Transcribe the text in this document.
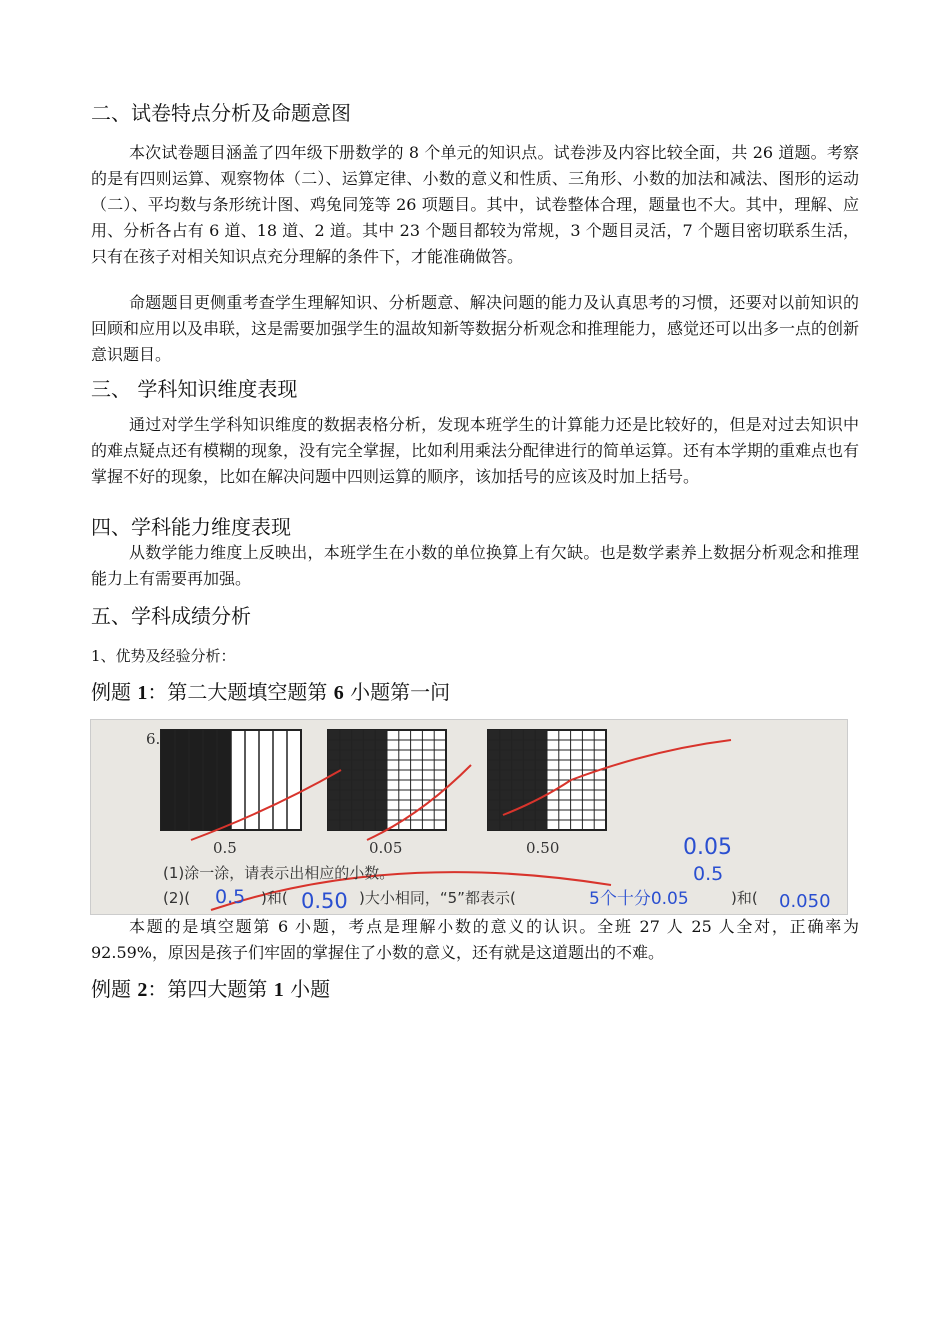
二、试卷特点分析及命题意图

本次试卷题目涵盖了四年级下册数学的 8 个单元的知识点。试卷涉及内容比较全面，共 26 道题。考察的是有四则运算、观察物体（二）、运算定律、小数的意义和性质、三角形、小数的加法和减法、图形的运动（二）、平均数与条形统计图、鸡兔同笼等 26 项题目。其中，试卷整体合理，题量也不大。其中，理解、应用、分析各占有 6 道、18 道、2 道。其中 23 个题目都较为常规，3 个题目灵活，7 个题目密切联系生活，只有在孩子对相关知识点充分理解的条件下，才能准确做答。

命题题目更侧重考查学生理解知识、分析题意、解决问题的能力及认真思考的习惯，还要对以前知识的回顾和应用以及串联，这是需要加强学生的温故知新等数据分析观念和推理能力，感觉还可以出多一点的创新意识题目。

三、 学科知识维度表现

通过对学生学科知识维度的数据表格分析，发现本班学生的计算能力还是比较好的，但是对过去知识中的难点疑点还有模糊的现象，没有完全掌握，比如利用乘法分配律进行的简单运算。还有本学期的重难点也有掌握不好的现象，比如在解决问题中四则运算的顺序，该加括号的应该及时加上括号。

四、学科能力维度表现

从数学能力维度上反映出，本班学生在小数的单位换算上有欠缺。也是数学素养上数据分析观念和推理能力上有需要再加强。

五、学科成绩分析
1、优势及经验分析：
例题 1：第二大题填空题第 6 小题第一问
6.
0.5	0.05	0.50
(1)涂一涂，请表示出相应的小数。
(2)(	)和(	)大小相同，“5”都表示(	)和(
0.5	0.50	5个十分0.05	0.050
0.05
0.5

本题的是填空题第 6 小题，考点是理解小数的意义的认识。全班 27 人 25 人全对，正确率为 92.59%，原因是孩子们牢固的掌握住了小数的意义，还有就是这道题出的不难。

例题 2：第四大题第 1 小题
